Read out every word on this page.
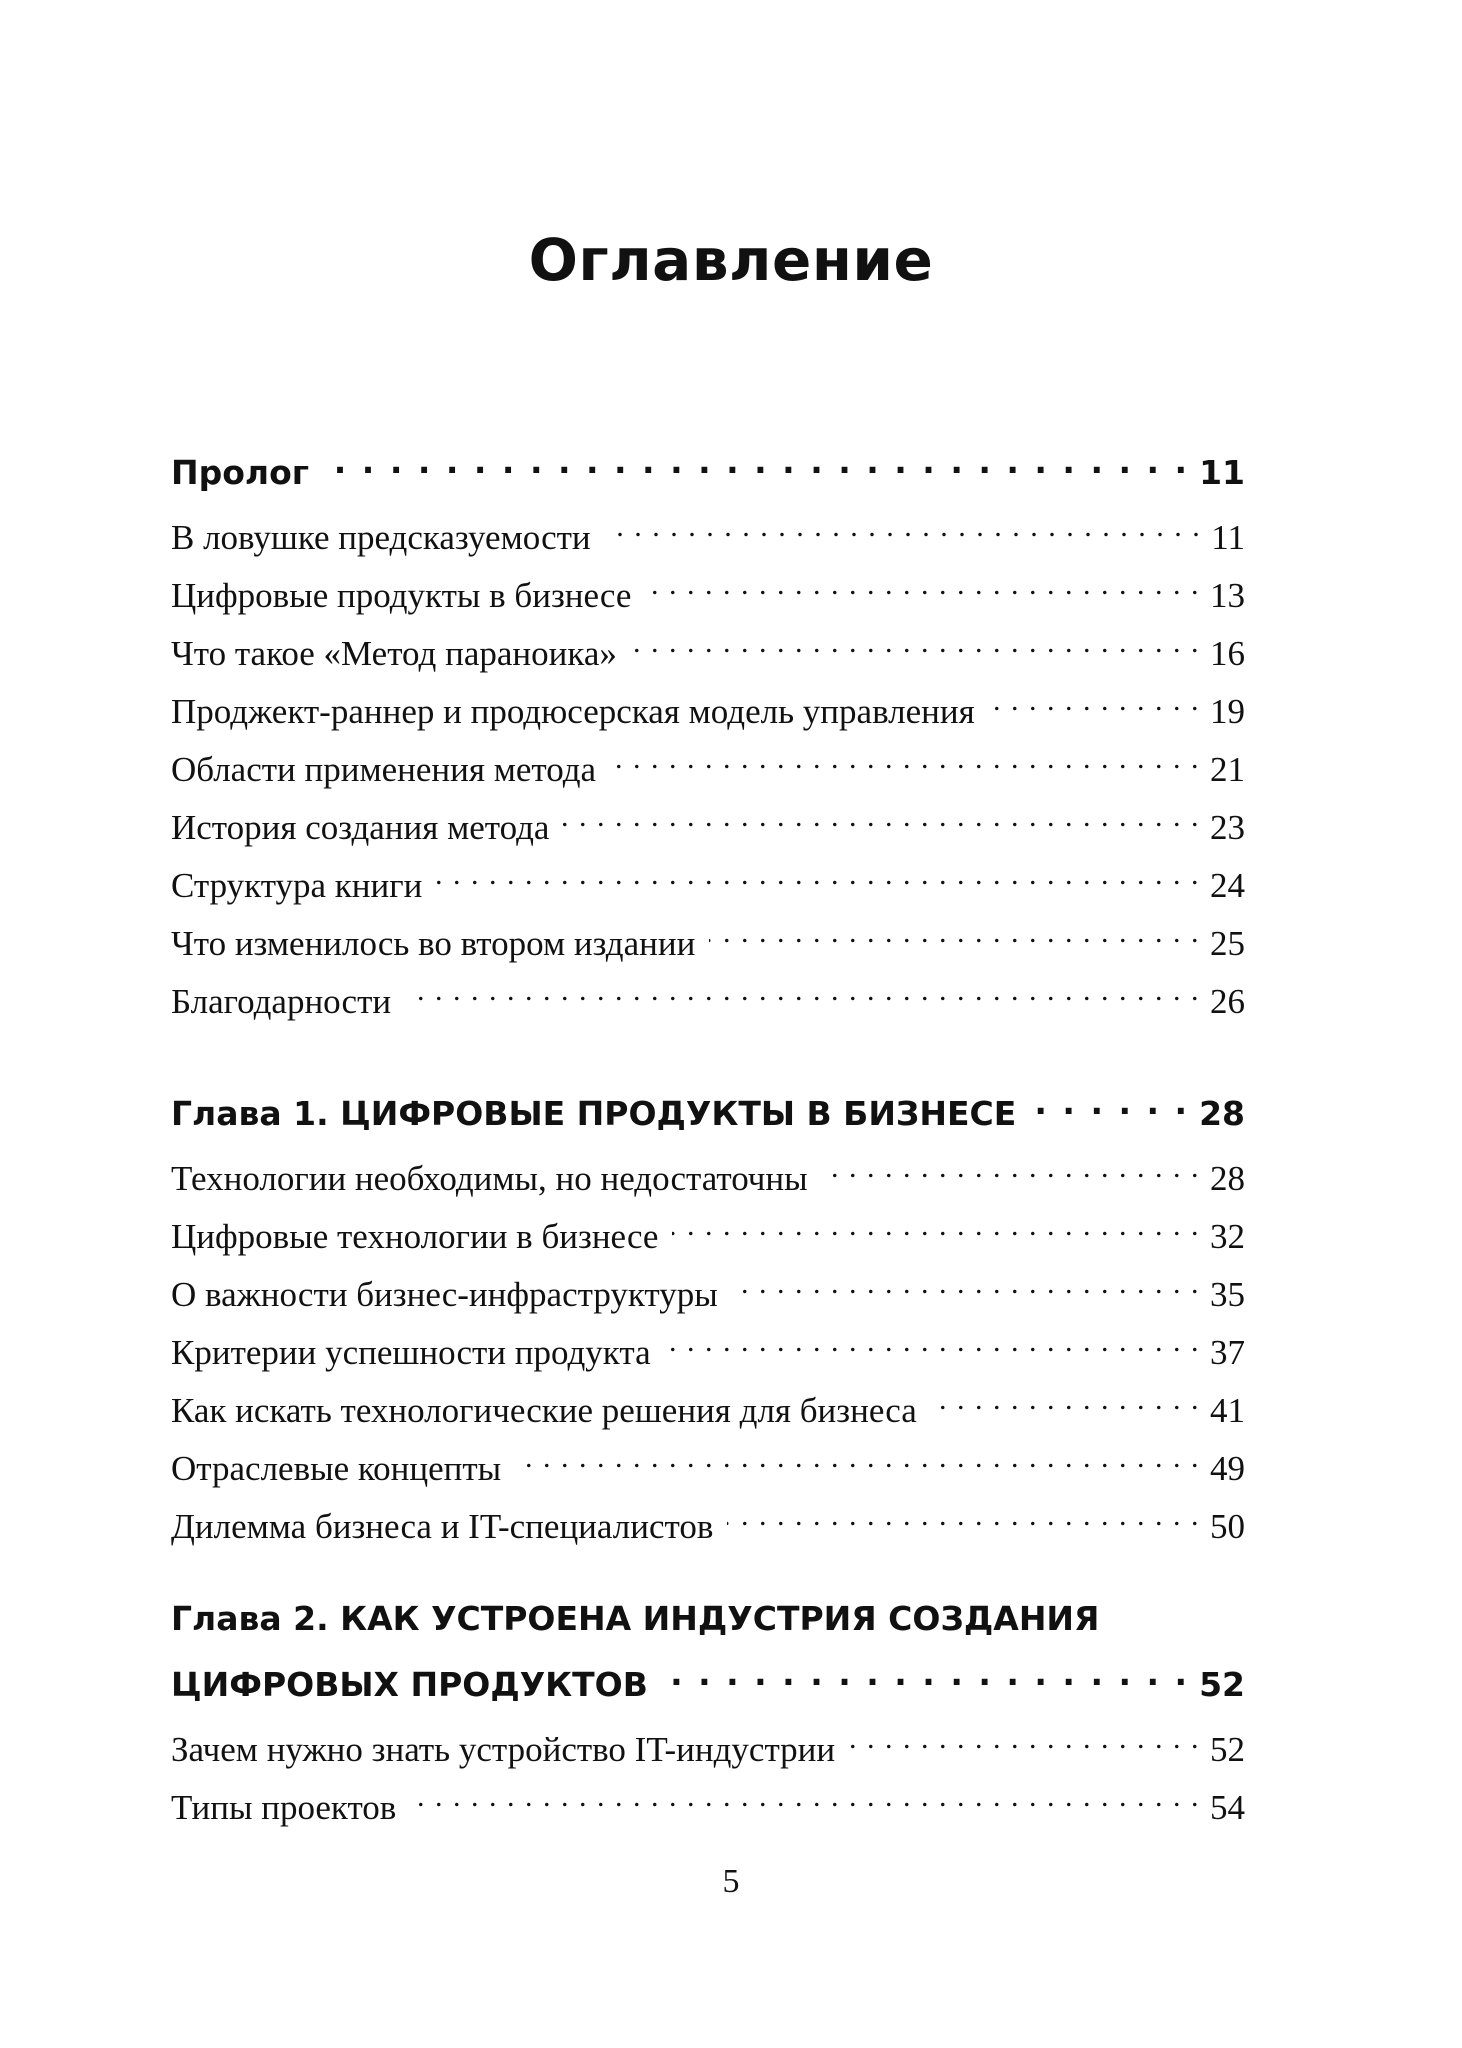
Оглавление
Пролог . . .	11
В ловушке предсказуемости . . .	11
Цифровые продукты в бизнесе . . .	13
Что такое «Метод параноика» . . .	16
Проджект-раннер и продюсерская модель управления . . .	19
Области применения метода . . .	21
История создания метода . . .	23
Структура книги . . .	24
Что изменилось во втором издании . . .	25
Благодарности . . .	26
Глава 1. ЦИФРОВЫЕ ПРОДУКТЫ В БИЗНЕСЕ . . .	28
Технологии необходимы, но недостаточны . . .	28
Цифровые технологии в бизнесе . . .	32
О важности бизнес-инфраструктуры . . .	35
Критерии успешности продукта . . .	37
Как искать технологические решения для бизнеса . . .	41
Отраслевые концепты . . .	49
Дилемма бизнеса и IT-специалистов . . .	50
Глава 2. КАК УСТРОЕНА ИНДУСТРИЯ СОЗДАНИЯ
ЦИФРОВЫХ ПРОДУКТОВ . . .	52
Зачем нужно знать устройство IT-индустрии . . .	52
Типы проектов . . .	54
5
